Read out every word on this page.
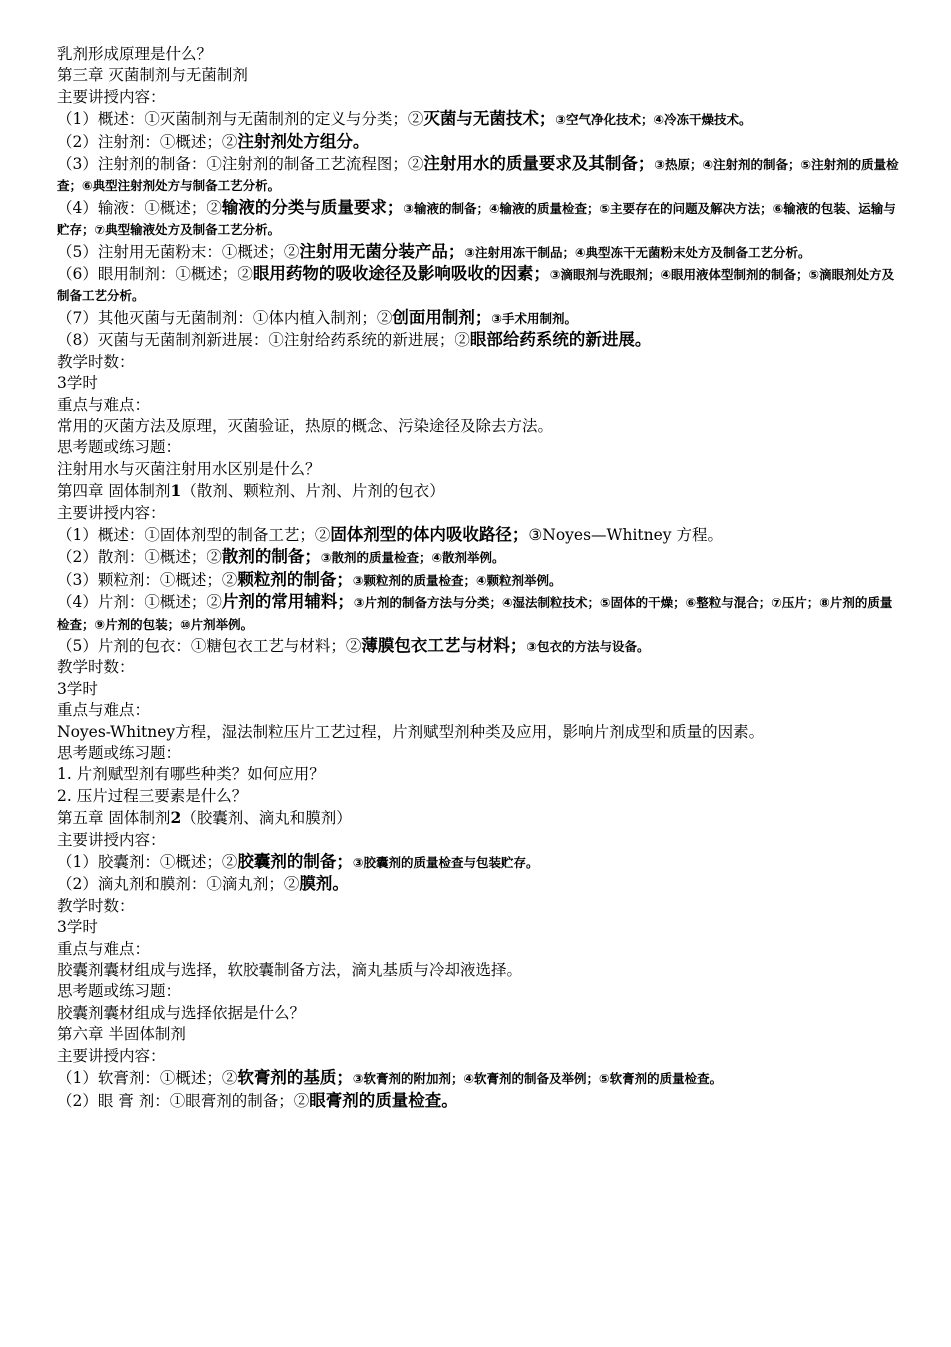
乳剂形成原理是什么？

第三章 灭菌制剂与无菌制剂

主要讲授内容：

（1）概述：①灭菌制剂与无菌制剂的定义与分类；②灭菌与无菌技术；③空气净化技术；④冷冻干燥技术。

（2）注射剂：①概述；②注射剂处方组分。

（3）注射剂的制备：①注射剂的制备工艺流程图；②注射用水的质量要求及其制备；③热原；④注射剂的制备；⑤注射剂的质量检查；⑥典型注射剂处方与制备工艺分析。

（4）输液：①概述；②输液的分类与质量要求；③输液的制备；④输液的质量检查；⑤主要存在的问题及解决方法；⑥输液的包装、运输与贮存；⑦典型输液处方及制备工艺分析。

（5）注射用无菌粉末：①概述；②注射用无菌分装产品；③注射用冻干制品；④典型冻干无菌粉末处方及制备工艺分析。

（6）眼用制剂：①概述；②眼用药物的吸收途径及影响吸收的因素；③滴眼剂与洗眼剂；④眼用液体型制剂的制备；⑤滴眼剂处方及制备工艺分析。

（7）其他灭菌与无菌制剂：①体内植入制剂；②创面用制剂；③手术用制剂。

（8）灭菌与无菌制剂新进展：①注射给药系统的新进展；②眼部给药系统的新进展。

教学时数：

3学时

重点与难点：

常用的灭菌方法及原理，灭菌验证，热原的概念、污染途径及除去方法。

思考题或练习题：

注射用水与灭菌注射用水区别是什么？

第四章 固体制剂1（散剂、颗粒剂、片剂、片剂的包衣）

主要讲授内容：

（1）概述：①固体剂型的制备工艺；②固体剂型的体内吸收路径；③Noyes—Whitney 方程。

（2）散剂：①概述；②散剂的制备；③散剂的质量检查；④散剂举例。

（3）颗粒剂：①概述；②颗粒剂的制备；③颗粒剂的质量检查；④颗粒剂举例。

（4）片剂：①概述；②片剂的常用辅料；③片剂的制备方法与分类；④湿法制粒技术；⑤固体的干燥；⑥整粒与混合；⑦压片；⑧片剂的质量检查；⑨片剂的包装；⑩片剂举例。

（5）片剂的包衣：①糖包衣工艺与材料；②薄膜包衣工艺与材料；③包衣的方法与设备。

教学时数：

3学时

重点与难点：

Noyes-Whitney方程，湿法制粒压片工艺过程，片剂赋型剂种类及应用，影响片剂成型和质量的因素。

思考题或练习题：

1. 片剂赋型剂有哪些种类？如何应用？

2. 压片过程三要素是什么？

第五章 固体制剂2（胶囊剂、滴丸和膜剂）

主要讲授内容：

（1）胶囊剂：①概述；②胶囊剂的制备；③胶囊剂的质量检查与包装贮存。

（2）滴丸剂和膜剂：①滴丸剂；②膜剂。

教学时数：

3学时

重点与难点：

胶囊剂囊材组成与选择，软胶囊制备方法，滴丸基质与冷却液选择。

思考题或练习题：

胶囊剂囊材组成与选择依据是什么？

第六章 半固体制剂

主要讲授内容：

（1）软膏剂：①概述；②软膏剂的基质；③软膏剂的附加剂；④软膏剂的制备及举例；⑤软膏剂的质量检查。

（2）眼 膏 剂：①眼膏剂的制备；②眼膏剂的质量检查。
